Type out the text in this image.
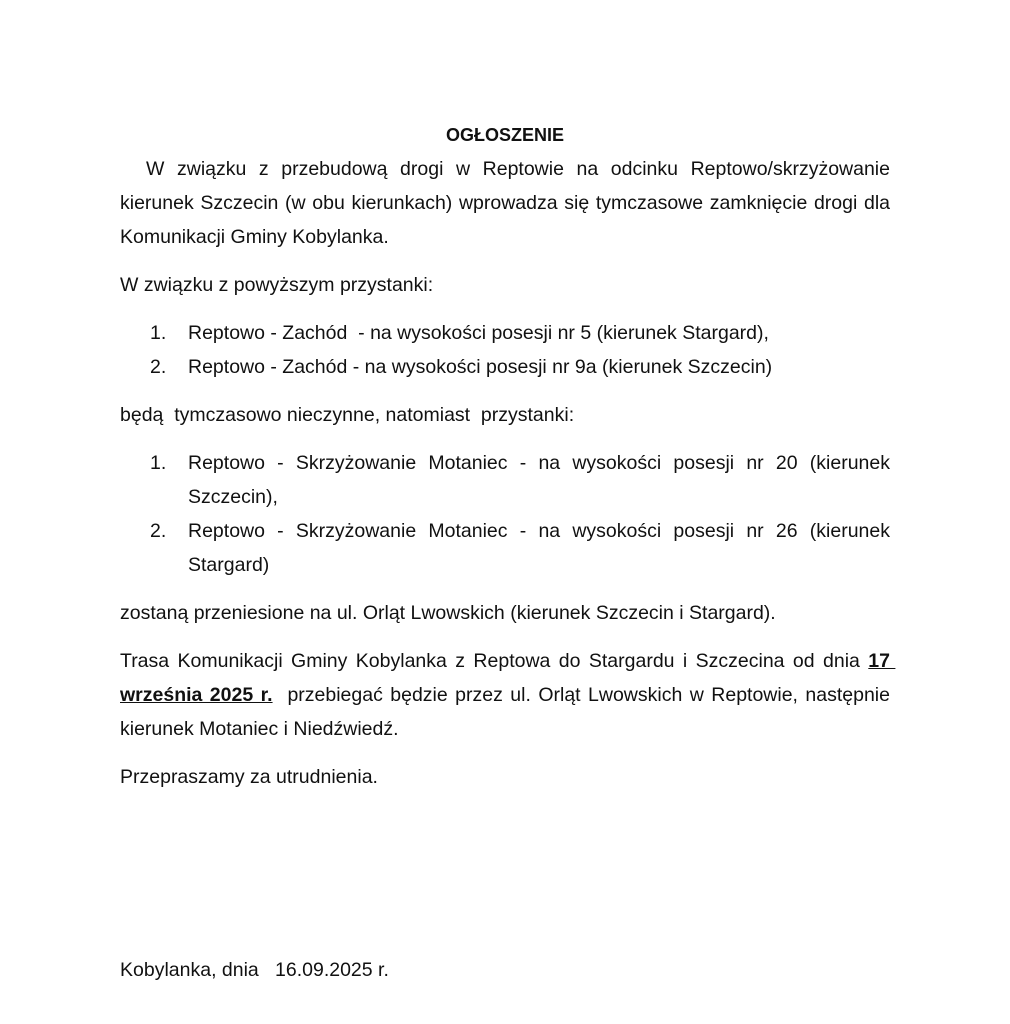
OGŁOSZENIE

W związku z przebudową drogi w Reptowie na odcinku Reptowo/skrzyżowanie kierunek Szczecin (w obu kierunkach) wprowadza się tymczasowe zamknięcie drogi dla Komunikacji Gminy Kobylanka.

W związku z powyższym przystanki:

1.	Reptowo - Zachód  - na wysokości posesji nr 5 (kierunek Stargard),
2.	Reptowo - Zachód - na wysokości posesji nr 9a (kierunek Szczecin)

będą  tymczasowo nieczynne, natomiast  przystanki:

1.	Reptowo - Skrzyżowanie Motaniec - na wysokości posesji nr 20 (kierunek Szczecin),
2.	Reptowo - Skrzyżowanie Motaniec - na wysokości posesji nr 26 (kierunek Stargard)

zostaną przeniesione na ul. Orląt Lwowskich (kierunek Szczecin i Stargard).

Trasa Komunikacji Gminy Kobylanka z Reptowa do Stargardu i Szczecina od dnia 17 września 2025 r.  przebiegać będzie przez ul. Orląt Lwowskich w Reptowie, następnie kierunek Motaniec i Niedźwiedź.

Przepraszamy za utrudnienia.

Kobylanka, dnia   16.09.2025 r.
